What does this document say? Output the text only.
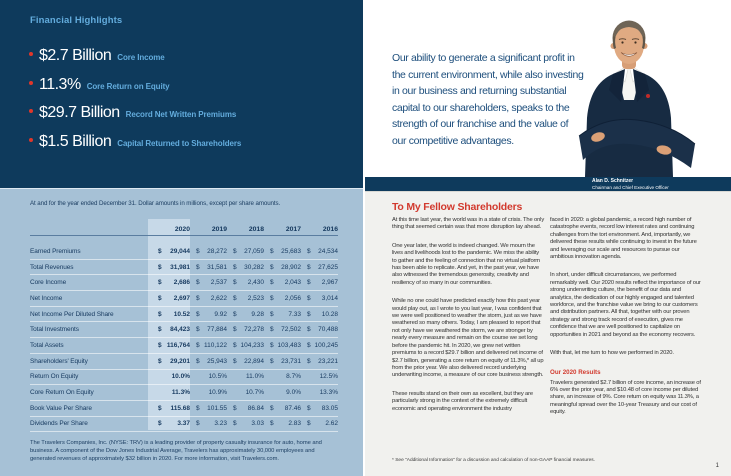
Financial Highlights
$2.7 Billion Core Income
11.3% Core Return on Equity
$29.7 Billion Record Net Written Premiums
$1.5 Billion Capital Returned to Shareholders
At and for the year ended December 31. Dollar amounts in millions, except per share amounts.
2020	2019	2018	2017	2016
Earned Premiums	$ 29,044 $ 28,272 $ 27,059 $ 25,683 $ 24,534
Total Revenues	$ 31,981 $ 31,581 $ 30,282 $ 28,902 $ 27,625
Core Income	$ 2,686 $ 2,537 $ 2,430 $ 2,043 $ 2,967
Net Income	$ 2,697 $ 2,622 $ 2,523 $ 2,056 $ 3,014
Net Income Per Diluted Share	$ 10.52 $ 9.92 $ 9.28 $ 7.33 $ 10.28
Total Investments	$ 84,423 $ 77,884 $ 72,278 $ 72,502 $ 70,488
Total Assets	$ 116,764 $ 110,122 $ 104,233 $ 103,483 $ 100,245
Shareholders' Equity	$ 29,201 $ 25,943 $ 22,894 $ 23,731 $ 23,221
Return On Equity	10.0%	10.5%	11.0%	8.7%	12.5%
Core Return On Equity	11.3%	10.9%	10.7%	9.0%	13.3%
Book Value Per Share	$ 115.68 $ 101.55 $ 86.84 $ 87.46 $ 83.05
Dividends Per Share	$ 3.37 $ 3.23 $ 3.03 $ 2.83 $ 2.62
The Travelers Companies, Inc. (NYSE: TRV) is a leading provider of property casualty insurance for auto, home and business. A component of the Dow Jones Industrial Average, Travelers has approximately 30,000 employees and generated revenues of approximately $32 billion in 2020. For more information, visit Travelers.com.
Our ability to generate a significant profit in
the current environment, while also investing
in our business and returning substantial
capital to our shareholders, speaks to the
strength of our franchise and the value of
our competitive advantages.
Alan D. Schnitzer
Chairman and Chief Executive Officer
To My Fellow Shareholders

At this time last year, the world was in a state of crisis. The only thing that seemed certain was that more disruption lay ahead.

One year later, the world is indeed changed. We mourn the lives and livelihoods lost to the pandemic. We miss the ability to gather and the feeling of connection that no virtual platform has been able to replicate. And yet, in the past year, we have also witnessed the tremendous generosity, creativity and resiliency of so many in our communities.

While no one could have predicted exactly how this past year would play out, as I wrote to you last year, I was confident that we were well positioned to weather the storm, just as we have weathered so many others. Today, I am pleased to report that not only have we weathered the storm, we are stronger by nearly every measure and remain on the course we set long before the pandemic hit. In 2020, we grew net written premiums to a record $29.7 billion and delivered net income of $2.7 billion, generating a core return on equity of 11.3%,* all up from the prior year. We also delivered record underlying underwriting income, a measure of our core business strength.

These results stand on their own as excellent, but they are particularly strong in the context of the extremely difficult economic and operating environment the industry

faced in 2020: a global pandemic, a record high number of catastrophe events, record low interest rates and continuing challenges from the tort environment. And, importantly, we delivered these results while continuing to invest in the future and leveraging our scale and resources to pursue our ambitious innovation agenda.

In short, under difficult circumstances, we performed remarkably well. Our 2020 results reflect the importance of our strong underwriting culture, the benefit of our data and analytics, the dedication of our highly engaged and talented workforce, and the franchise value we bring to our customers and distribution partners. All that, together with our proven strategy and strong track record of execution, gives me confidence that we are well positioned to capitalize on opportunities in 2021 and beyond as the economy recovers.

With that, let me turn to how we performed in 2020.

Our 2020 Results

Travelers generated $2.7 billion of core income, an increase of 6% over the prior year, and $10.48 of core income per diluted share, an increase of 9%. Core return on equity was 11.3%, a meaningful spread over the 10-year Treasury and our cost of equity.

* See "Additional Information" for a discussion and calculation of non-GAAP financial measures.
1
